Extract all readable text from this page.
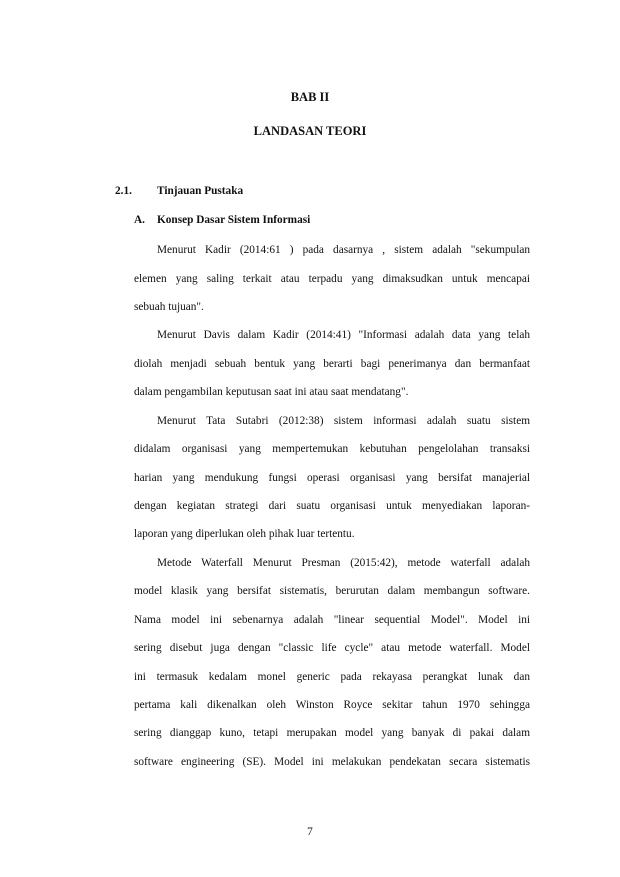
BAB II
LANDASAN TEORI
2.1. Tinjauan Pustaka
A. Konsep Dasar Sistem Informasi
Menurut Kadir (2014:61 ) pada dasarnya , sistem adalah "sekumpulan
elemen yang saling terkait atau terpadu yang dimaksudkan untuk mencapai
sebuah tujuan".
Menurut Davis dalam Kadir (2014:41) "Informasi adalah data yang telah
diolah menjadi sebuah bentuk yang berarti bagi penerimanya dan bermanfaat
dalam pengambilan keputusan saat ini atau saat mendatang".
Menurut Tata Sutabri (2012:38) sistem informasi adalah suatu sistem
didalam organisasi yang mempertemukan kebutuhan pengelolahan transaksi
harian yang mendukung fungsi operasi organisasi yang bersifat manajerial
dengan kegiatan strategi dari suatu organisasi untuk menyediakan laporan-
laporan yang diperlukan oleh pihak luar tertentu.
Metode Waterfall Menurut Presman (2015:42), metode waterfall adalah
model klasik yang bersifat sistematis, berurutan dalam membangun software.
Nama model ini sebenarnya adalah "linear sequential Model". Model ini
sering disebut juga dengan "classic life cycle" atau metode waterfall. Model
ini termasuk kedalam monel generic pada rekayasa perangkat lunak dan
pertama kali dikenalkan oleh Winston Royce sekitar tahun 1970 sehingga
sering dianggap kuno, tetapi merupakan model yang banyak di pakai dalam
software engineering (SE). Model ini melakukan pendekatan secara sistematis
7
